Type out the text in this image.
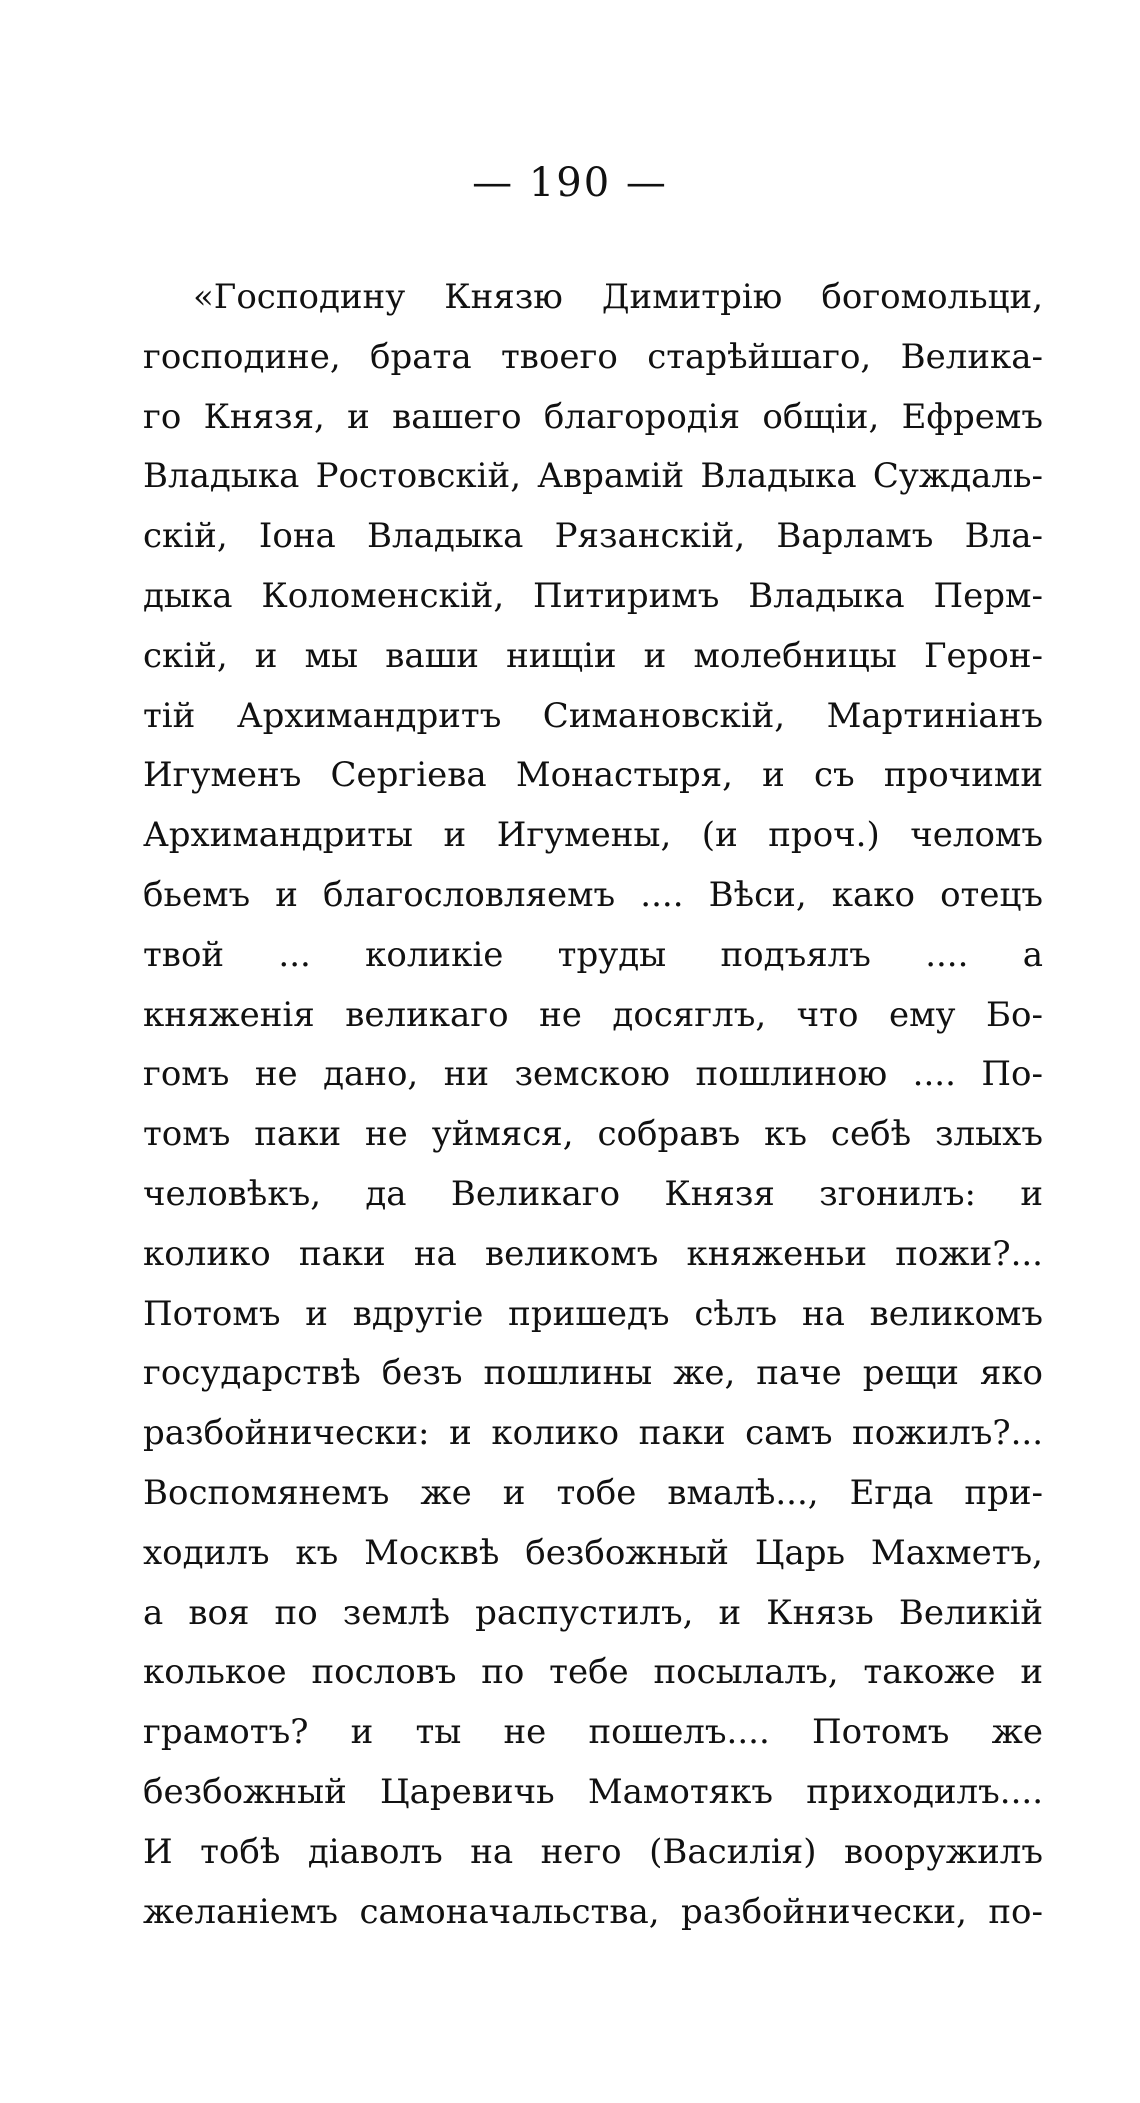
— 190 —
«Господину Князю Димитрію богомольци,
господине, брата твоего старѣйшаго, Велика-
го Князя, и вашего благородія общіи, Ефремъ
Владыка Ростовскій, Аврамій Владыка Суждаль-
скій, Іона Владыка Рязанскій, Варламъ Вла-
дыка Коломенскій, Питиримъ Владыка Перм-
скій, и мы ваши нищіи и молебницы Герон-
тій Архимандритъ Симановскій, Мартиніанъ
Игуменъ Сергіева Монастыря, и съ прочими
Архимандриты и Игумены, (и проч.) челомъ
бьемъ и благословляемъ .... Вѣси, како отецъ
твой ... коликіе труды подъялъ .... а
княженія великаго не досяглъ, что ему Бо-
гомъ не дано, ни земскою пошлиною .... По-
томъ паки не уймяся, собравъ къ себѣ злыхъ
человѣкъ, да Великаго Князя згонилъ: и
колико паки на великомъ княженьи пожи?...
Потомъ и вдругіе пришедъ сѣлъ на великомъ
государствѣ безъ пошлины же, паче рещи яко
разбойнически: и колико паки самъ пожилъ?...
Воспомянемъ же и тобе вмалѣ..., Егда при-
ходилъ къ Москвѣ безбожный Царь Махметъ,
а воя по землѣ распустилъ, и Князь Великій
колькое пословъ по тебе посылалъ, такоже и
грамотъ? и ты не пошелъ.... Потомъ же
безбожный Царевичь Мамотякъ приходилъ....
И тобѣ діаволъ на него (Василія) вооружилъ
желаніемъ самоначальства, разбойнически, по-
